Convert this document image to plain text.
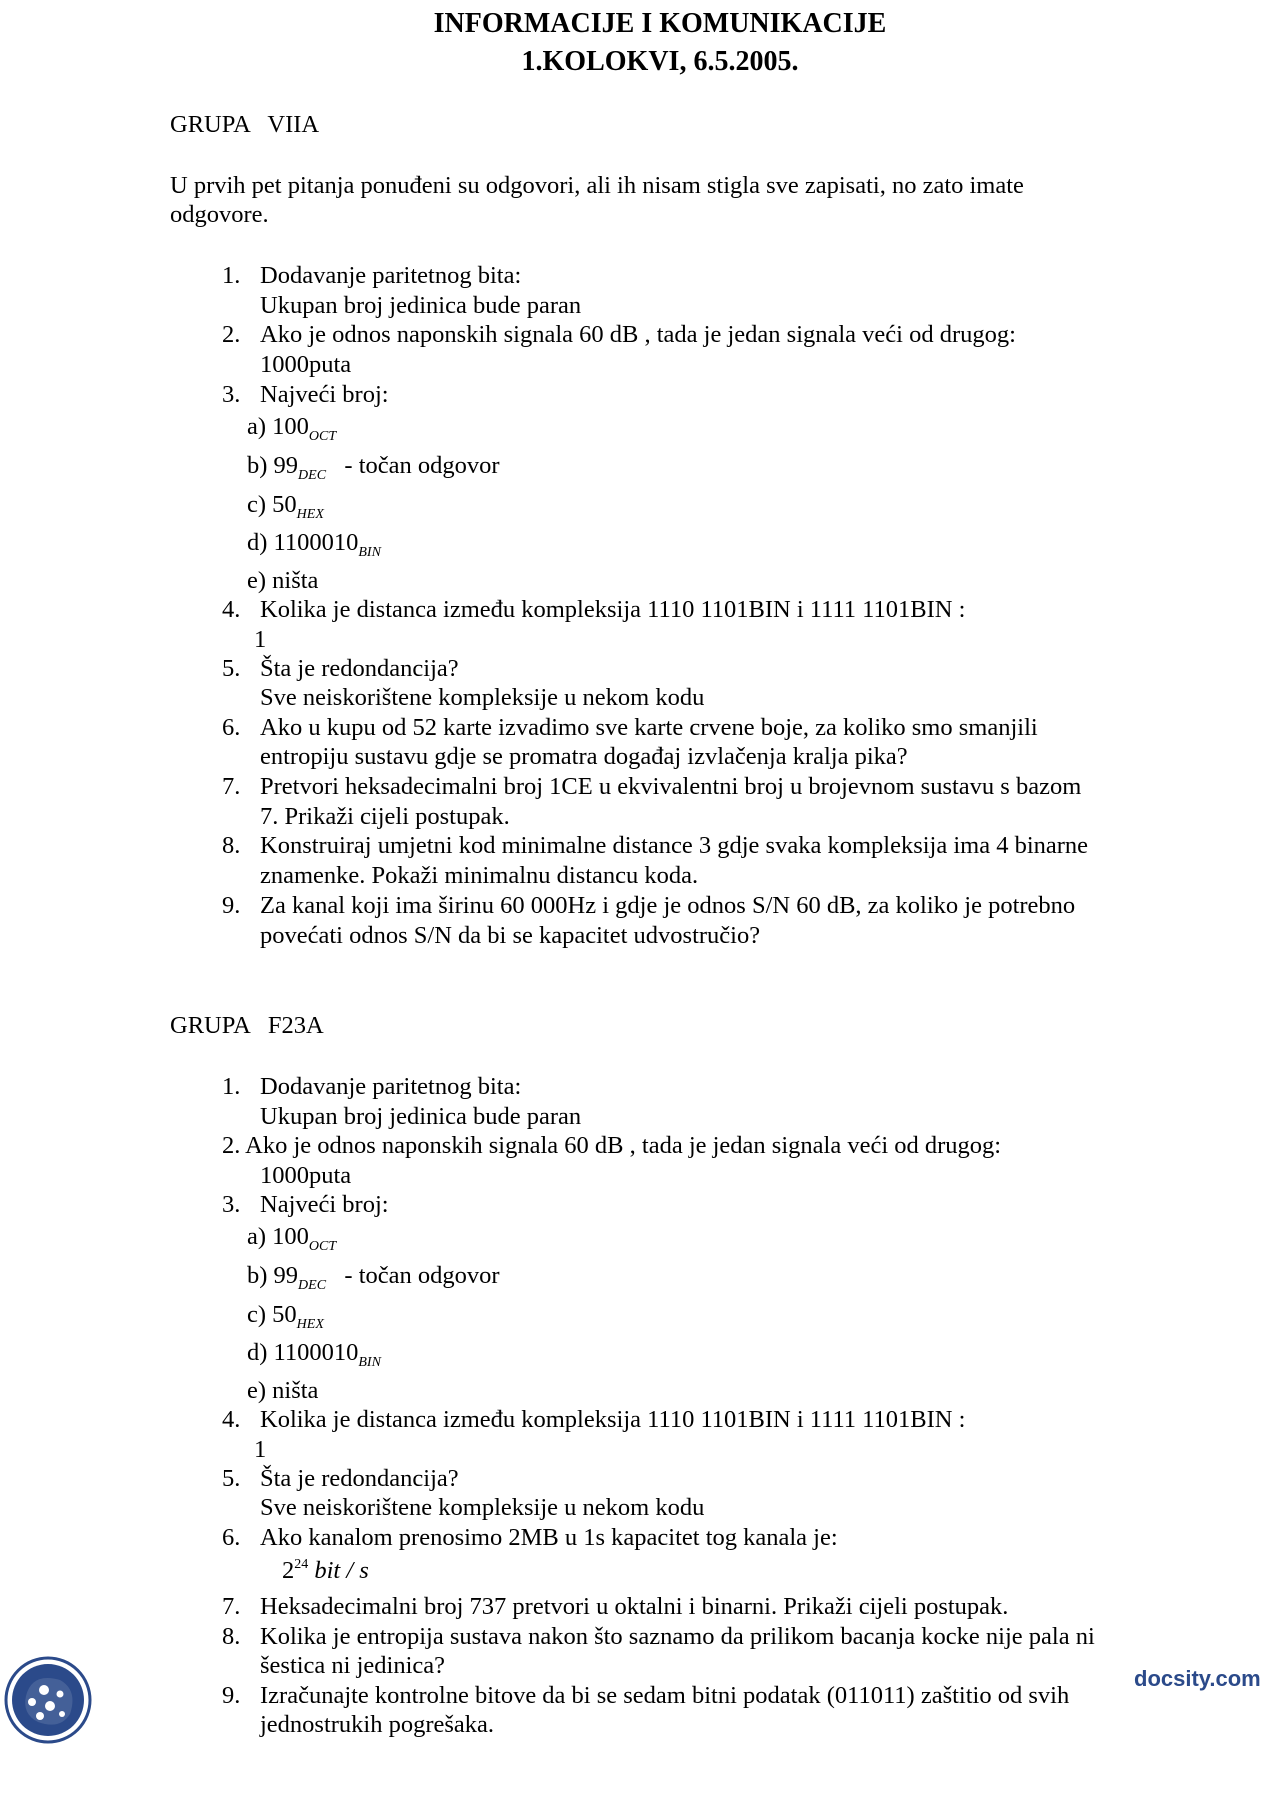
INFORMACIJE I KOMUNIKACIJE
1.KOLOKVI, 6.5.2005.
GRUPA   VIIA
U prvih pet pitanja ponuđeni su odgovori, ali ih nisam stigla sve zapisati, no zato imate
odgovore.
1. Dodavanje paritetnog bita:
Ukupan broj jedinica bude paran
2. Ako je odnos naponskih signala 60 dB , tada je jedan signala veći od drugog:
1000puta
3. Najveći broj:
a) $100_{OCT}$
b) $99_{DEC}$ - točan odgovor
c) $50_{HEX}$
d) $1100010_{BIN}$
e) ništa
4. Kolika je distanca između kompleksija 1110 1101BIN i 1111 1101BIN :
1
5. Šta je redondancija?
Sve neiskorištene kompleksije u nekom kodu
6. Ako u kupu od 52 karte izvadimo sve karte crvene boje, za koliko smo smanjili
entropiju sustavu gdje se promatra događaj izvlačenja kralja pika?
7. Pretvori heksadecimalni broj 1CE u ekvivalentni broj u brojevnom sustavu s bazom
7. Prikaži cijeli postupak.
8. Konstruiraj umjetni kod minimalne distance 3 gdje svaka kompleksija ima 4 binarne
znamenke. Pokaži minimalnu distancu koda.
9. Za kanal koji ima širinu 60 000Hz i gdje je odnos S/N 60 dB, za koliko je potrebno
povećati odnos S/N da bi se kapacitet udvostručio?
GRUPA   F23A
1. Dodavanje paritetnog bita:
Ukupan broj jedinica bude paran
2. Ako je odnos naponskih signala 60 dB , tada je jedan signala veći od drugog:
1000puta
3. Najveći broj:
a) $100_{OCT}$
b) $99_{DEC}$ - točan odgovor
c) $50_{HEX}$
d) $1100010_{BIN}$
e) ništa
4. Kolika je distanca između kompleksija 1110 1101BIN i 1111 1101BIN :
1
5. Šta je redondancija?
Sve neiskorištene kompleksije u nekom kodu
6. Ako kanalom prenosimo 2MB u 1s kapacitet tog kanala je:
$2^{24}$ bit / s
7. Heksadecimalni broj 737 pretvori u oktalni i binarni. Prikaži cijeli postupak.
8. Kolika je entropija sustava nakon što saznamo da prilikom bacanja kocke nije pala ni
šestica ni jedinica?
9. Izračunajte kontrolne bitove da bi se sedam bitni podatak (011011) zaštitio od svih
jednostrukih pogrešaka.
docsity.com
